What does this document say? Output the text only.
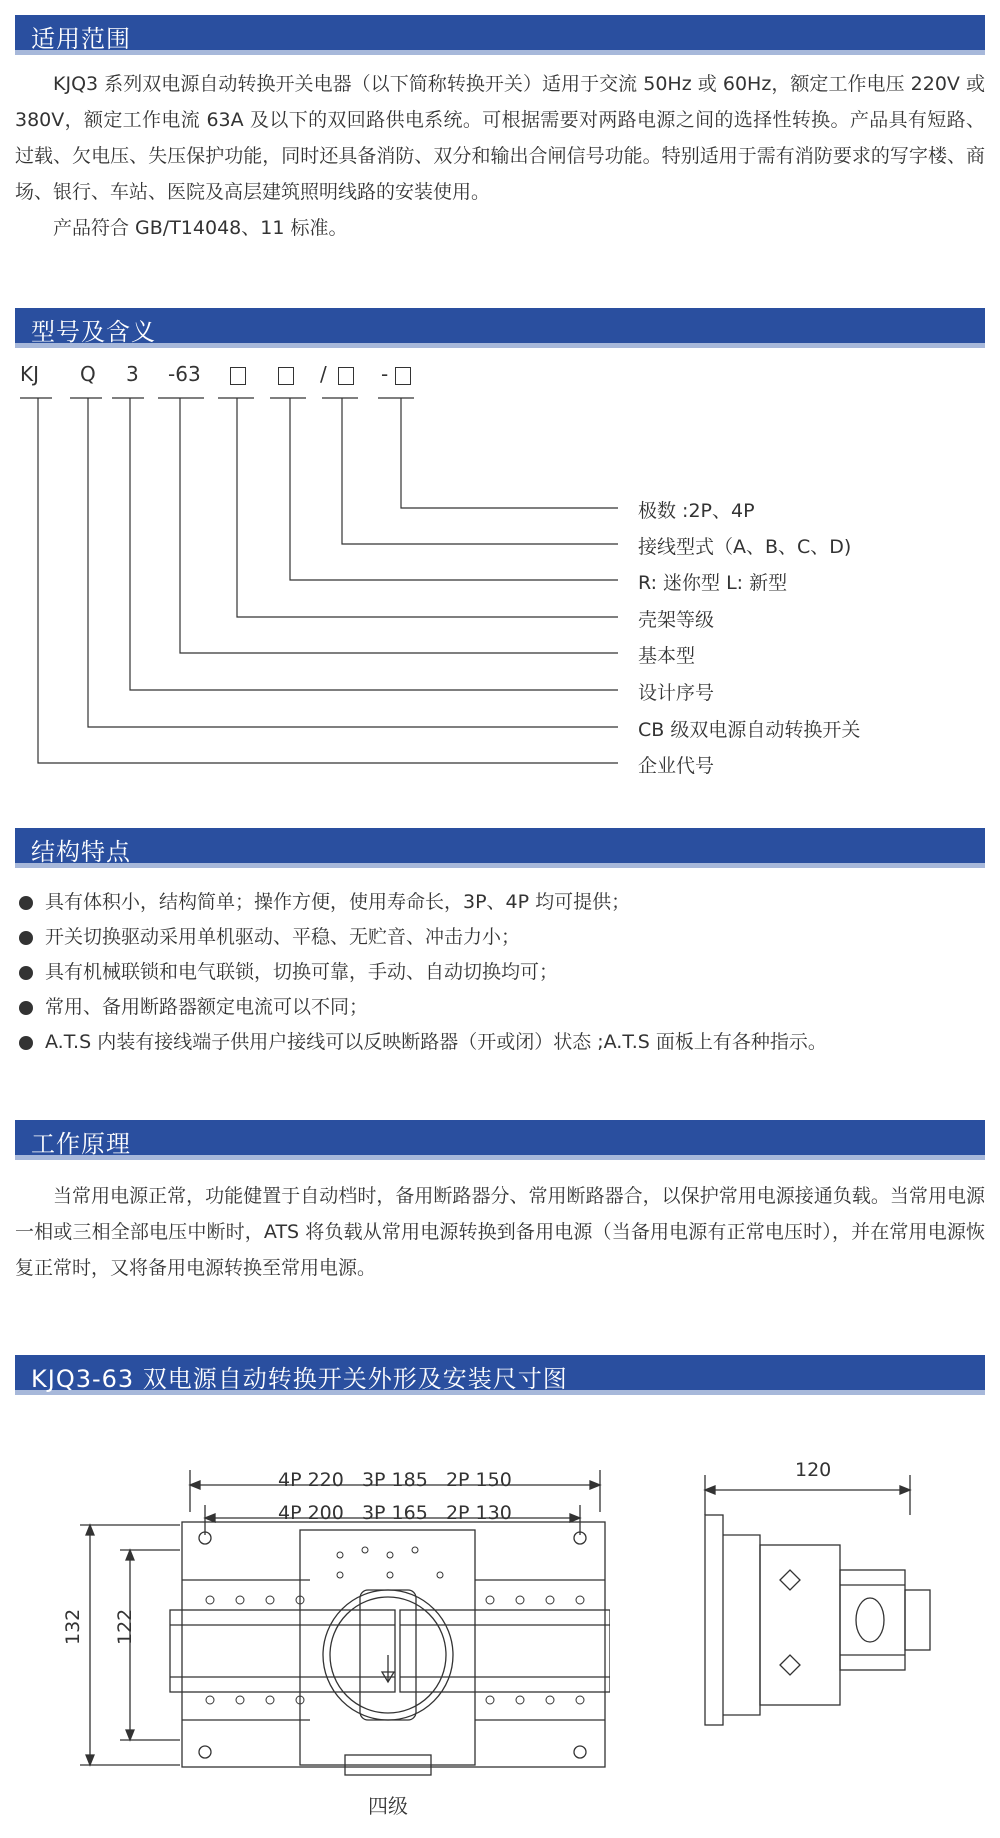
适用范围

KJQ3 系列双电源自动转换开关电器（以下简称转换开关）适用于交流 50Hz 或 60Hz，额定工作电压 220V 或 380V，额定工作电流 63A 及以下的双回路供电系统。可根据需要对两路电源之间的选择性转换。产品具有短路、过载、欠电压、失压保护功能，同时还具备消防、双分和输出合闸信号功能。特别适用于需有消防要求的写字楼、商场、银行、车站、医院及高层建筑照明线路的安装使用。

产品符合 GB/T14048、11 标准。

型号及含义
KJ Q 3 -63	/	-
极数 :2P、4P
接线型式（A、B、C、D)
R: 迷你型 L: 新型
壳架等级
基本型
设计序号
CB 级双电源自动转换开关
企业代号
结构特点
具有体积小，结构简单；操作方便，使用寿命长，3P、4P 均可提供；
开关切换驱动采用单机驱动、平稳、无贮音、冲击力小；
具有机械联锁和电气联锁，切换可靠，手动、自动切换均可；
常用、备用断路器额定电流可以不同；
A.T.S 内装有接线端子供用户接线可以反映断路器（开或闭）状态 ;A.T.S 面板上有各种指示。
工作原理

当常用电源正常，功能健置于自动档时，备用断路器分、常用断路器合，以保护常用电源接通负载。当常用电源一相或三相全部电压中断时，ATS 将负载从常用电源转换到备用电源（当备用电源有正常电压时），并在常用电源恢复正常时，又将备用电源转换至常用电源。

KJQ3-63 双电源自动转换开关外形及安装尺寸图
4P 220   3P 185   2P 150
4P 200   3P 165   2P 130
132 122
120
四级
